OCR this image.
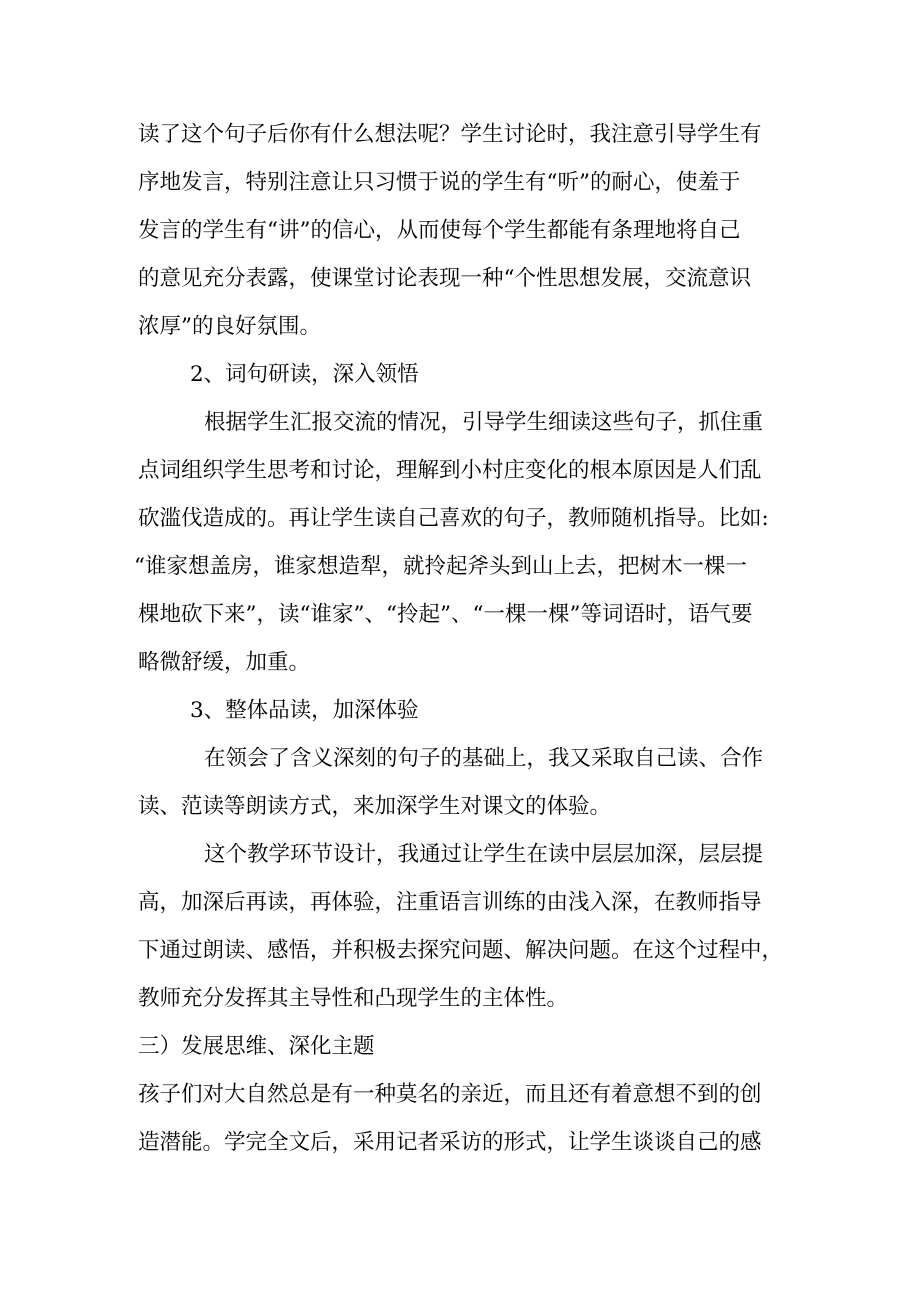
读了这个句子后你有什么想法呢？学生讨论时，我注意引导学生有

序地发言，特别注意让只习惯于说的学生有“听”的耐心，使羞于

发言的学生有“讲”的信心，从而使每个学生都能有条理地将自己

的意见充分表露，使课堂讨论表现一种“个性思想发展，交流意识

浓厚”的良好氛围。

2、词句研读，深入领悟

根据学生汇报交流的情况，引导学生细读这些句子，抓住重

点词组织学生思考和讨论，理解到小村庄变化的根本原因是人们乱

砍滥伐造成的。再让学生读自己喜欢的句子，教师随机指导。比如:

“谁家想盖房，谁家想造犁，就拎起斧头到山上去，把树木一棵一

棵地砍下来”，读“谁家”、“拎起”、“一棵一棵”等词语时，语气要

略微舒缓，加重。

3、整体品读，加深体验

在领会了含义深刻的句子的基础上，我又采取自己读、合作

读、范读等朗读方式，来加深学生对课文的体验。

这个教学环节设计，我通过让学生在读中层层加深，层层提

高，加深后再读，再体验，注重语言训练的由浅入深，在教师指导

下通过朗读、感悟，并积极去探究问题、解决问题。在这个过程中，

教师充分发挥其主导性和凸现学生的主体性。

三）发展思维、深化主题

孩子们对大自然总是有一种莫名的亲近，而且还有着意想不到的创

造潜能。学完全文后，采用记者采访的形式，让学生谈谈自己的感
